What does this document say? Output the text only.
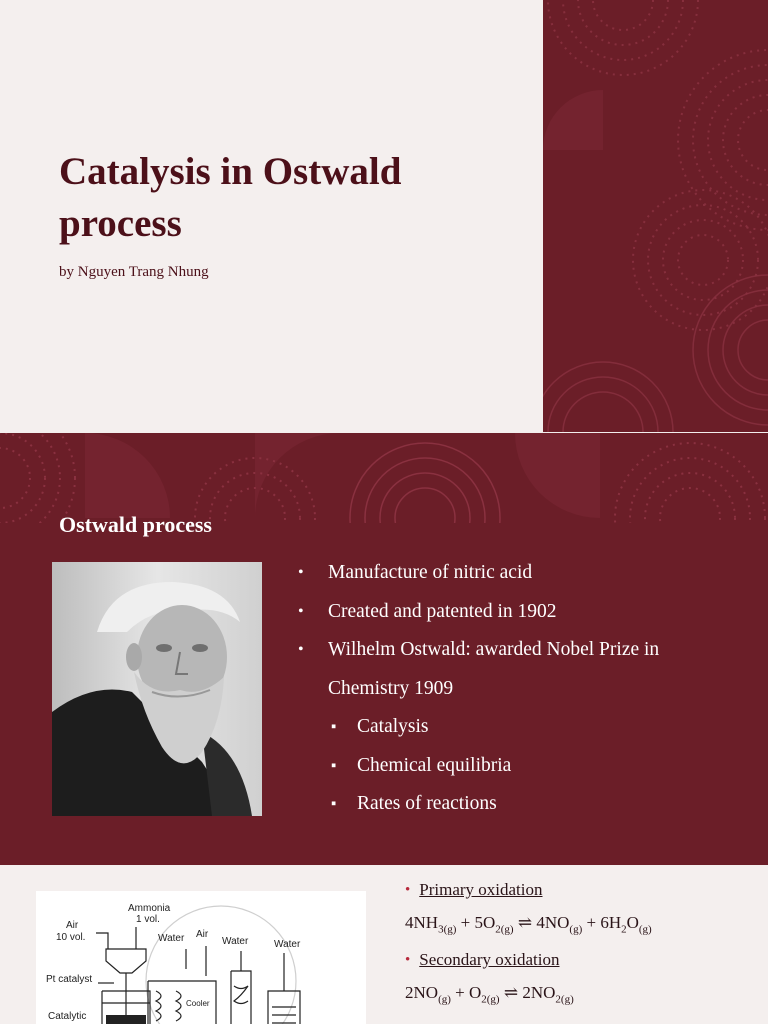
Catalysis in Ostwald
process
by Nguyen Trang Nhung
Ostwald process
• Manufacture of nitric acid
• Created and patented in 1902
• Wilhelm Ostwald: awarded Nobel Prize in
Chemistry 1909
▪ Catalysis
▪ Chemical equilibria
▪ Rates of reactions
Ammonia
1 vol.
Air
10 vol.	Water Air
Water	Water
Pt catalyst
Catalytic
Cooler
• Primary oxidation
$4NH_{3(g)} + 5O_{2(g)}$ ⇌ $4NO_{(g)} + 6H_2O_{(g)}$
• Secondary oxidation
$2NO_{(g)} + O_{2(g)}$ ⇌ $2NO_{2(g)}$
